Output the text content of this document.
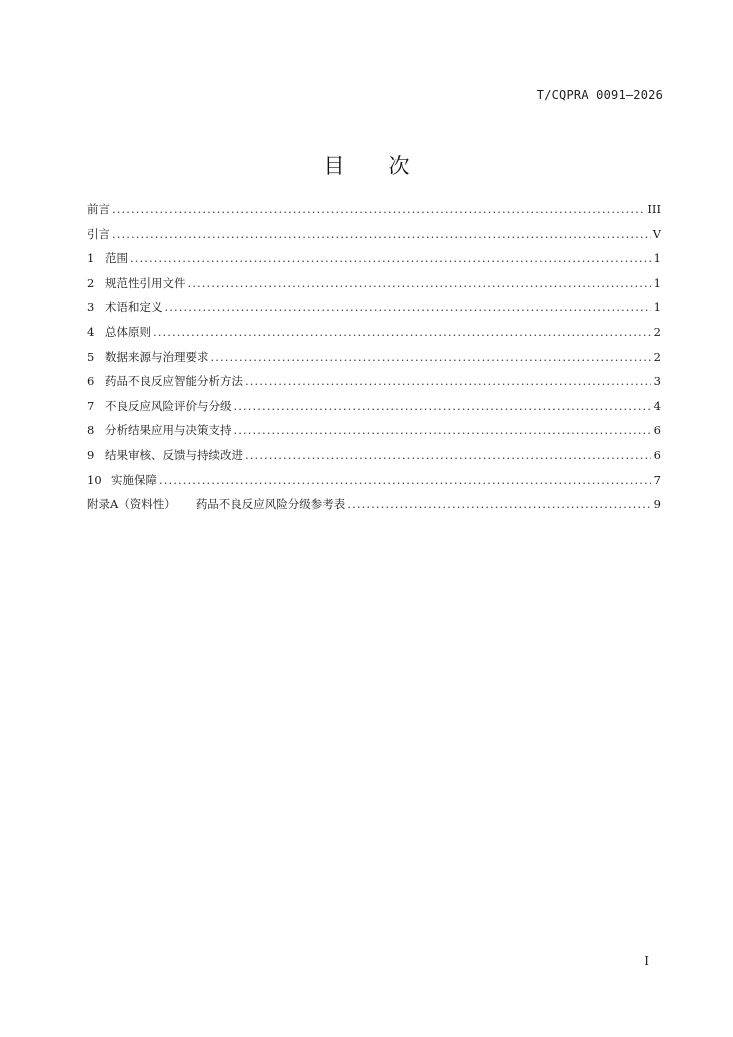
T/CQPRA 0091—2026
目 次
前言 .....	III
引言 .....	V
1 范围 .....	1
2 规范性引用文件 .....	1
3 术语和定义 .....	1
4 总体原则 .....	2
5 数据来源与治理要求 .....	2
6 药品不良反应智能分析方法 .....	3
7 不良反应风险评价与分级 .....	4
8 分析结果应用与决策支持 .....	6
9 结果审核、反馈与持续改进 .....	6
10 实施保障 .....	7
附录A（资料性） 药品不良反应风险分级参考表 .....	9
I
